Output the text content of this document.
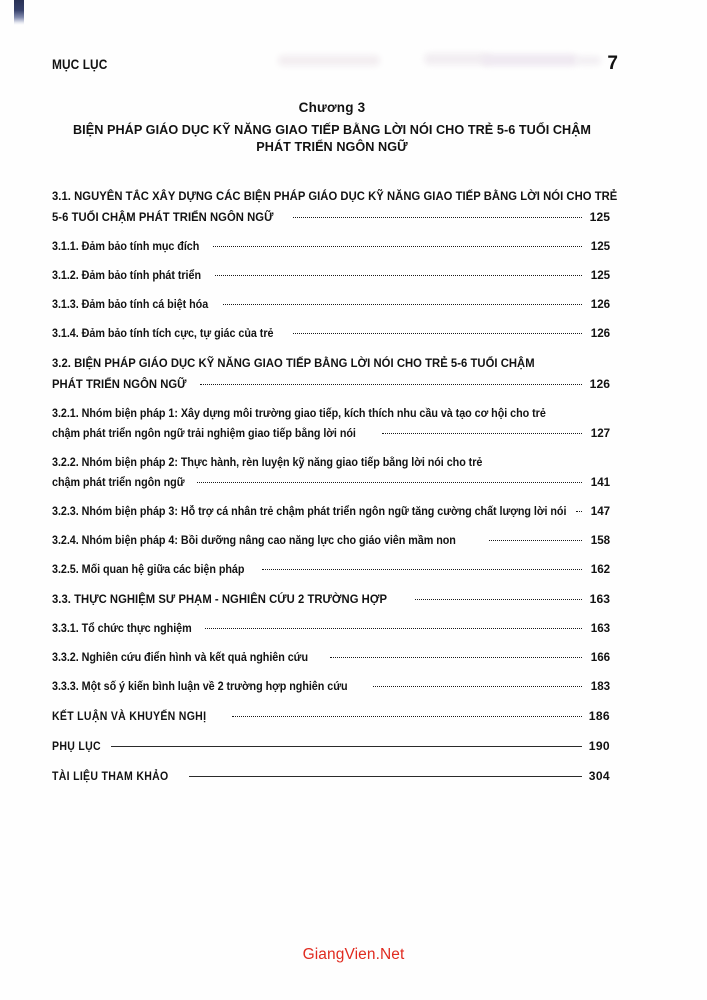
MỤC LỤC	7
Chương 3
BIỆN PHÁP GIÁO DỤC KỸ NĂNG GIAO TIẾP BẰNG LỜI NÓI CHO TRẺ 5-6 TUỔI CHẬM
PHÁT TRIỂN NGÔN NGỮ
3.1. NGUYÊN TẮC XÂY DỰNG CÁC BIỆN PHÁP GIÁO DỤC KỸ NĂNG GIAO TIẾP BẰNG LỜI NÓI CHO TRẺ
5-6 TUỔI CHẬM PHÁT TRIỂN NGÔN NGỮ	125
3.1.1. Đảm bảo tính mục đích	125
3.1.2. Đảm bảo tính phát triển	125
3.1.3. Đảm bảo tính cá biệt hóa	126
3.1.4. Đảm bảo tính tích cực, tự giác của trẻ	126
3.2. BIỆN PHÁP GIÁO DỤC KỸ NĂNG GIAO TIẾP BẰNG LỜI NÓI CHO TRẺ 5-6 TUỔI CHẬM
PHÁT TRIỂN NGÔN NGỮ	126
3.2.1. Nhóm biện pháp 1: Xây dựng môi trường giao tiếp, kích thích nhu cầu và tạo cơ hội cho trẻ
chậm phát triển ngôn ngữ trải nghiệm giao tiếp bằng lời nói	127
3.2.2. Nhóm biện pháp 2: Thực hành, rèn luyện kỹ năng giao tiếp bằng lời nói cho trẻ
chậm phát triển ngôn ngữ	141
3.2.3. Nhóm biện pháp 3: Hỗ trợ cá nhân trẻ chậm phát triển ngôn ngữ tăng cường chất lượng lời nói	147
3.2.4. Nhóm biện pháp 4: Bồi dưỡng nâng cao năng lực cho giáo viên mầm non	158
3.2.5. Mối quan hệ giữa các biện pháp	162
3.3. THỰC NGHIỆM SƯ PHẠM - NGHIÊN CỨU 2 TRƯỜNG HỢP	163
3.3.1. Tổ chức thực nghiệm	163
3.3.2. Nghiên cứu điển hình và kết quả nghiên cứu	166
3.3.3. Một số ý kiến bình luận về 2 trường hợp nghiên cứu	183
KẾT LUẬN VÀ KHUYẾN NGHỊ	186
PHỤ LỤC	190
TÀI LIỆU THAM KHẢO	304
GiangVien.Net
